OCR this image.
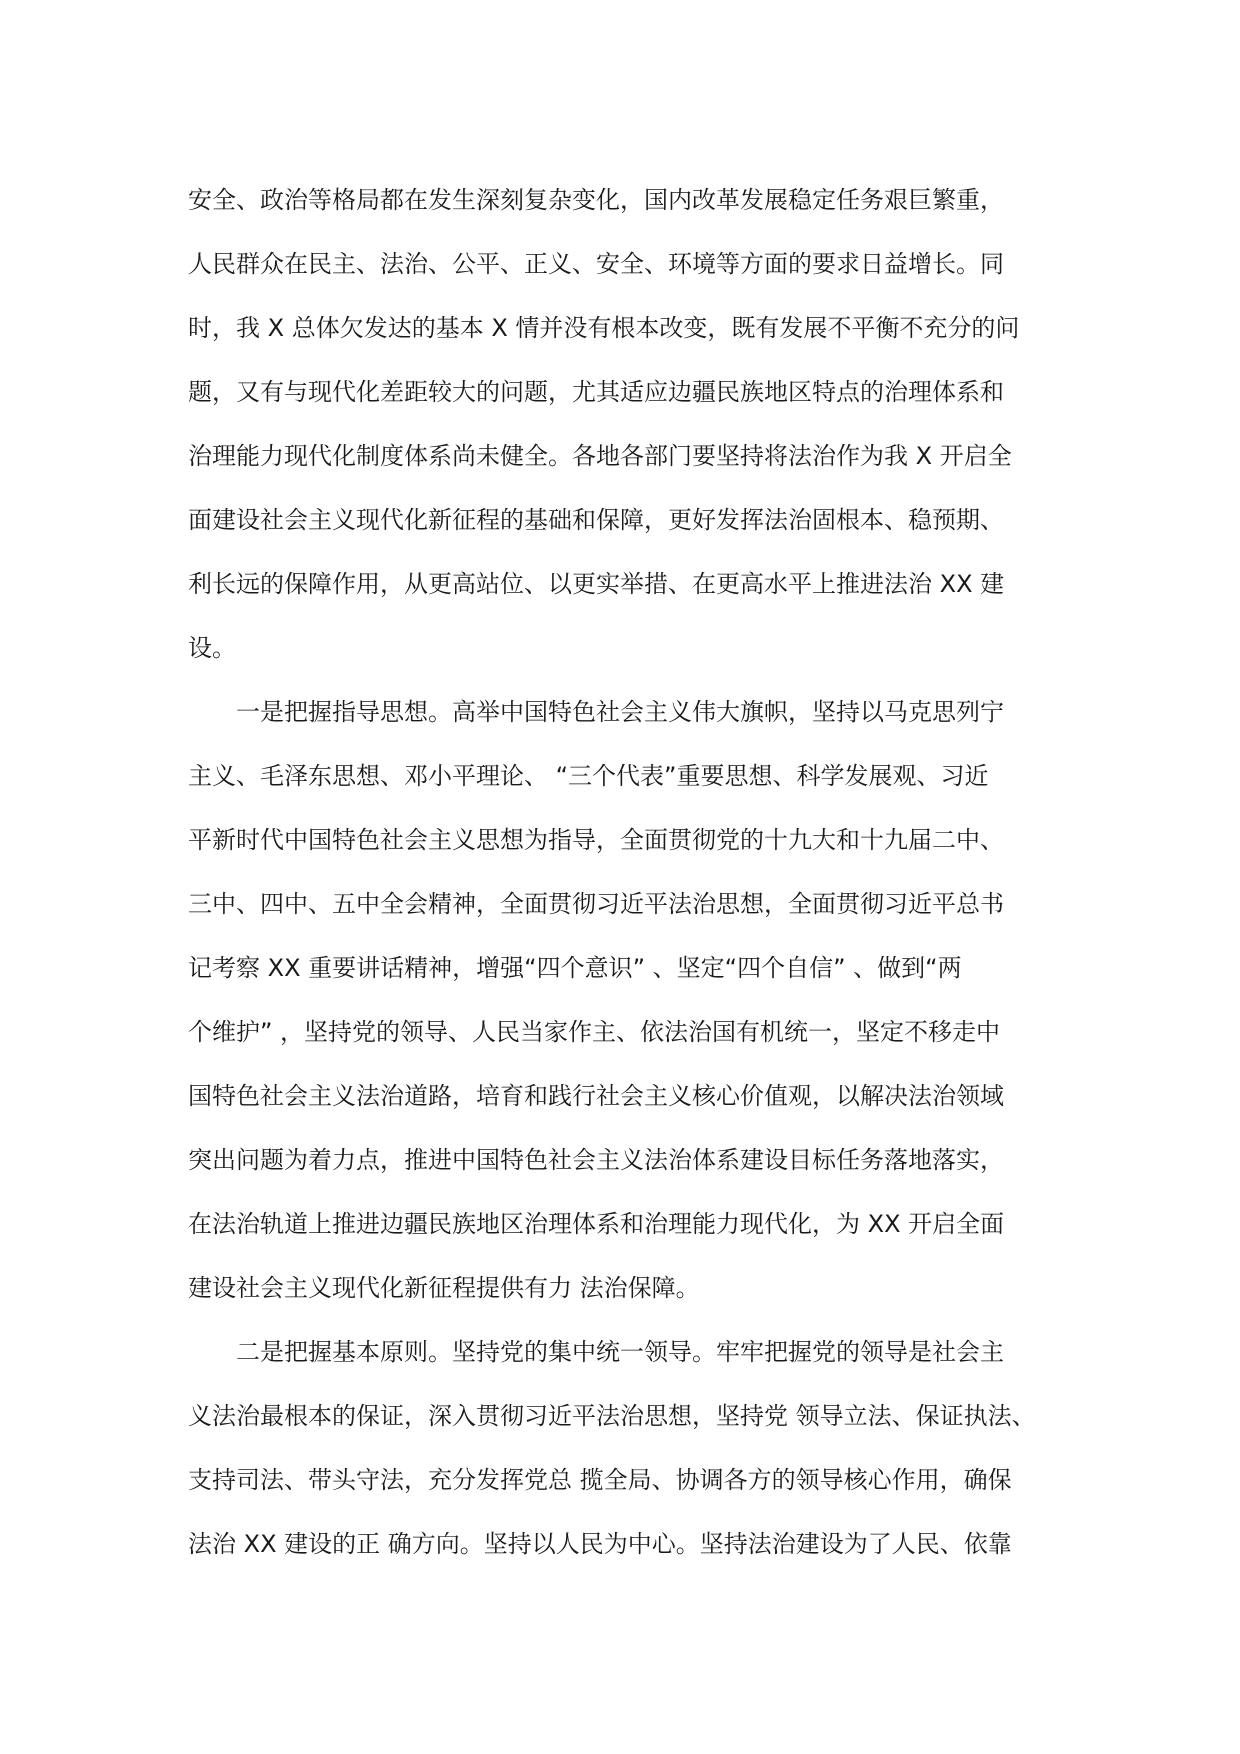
安全、政治等格局都在发生深刻复杂变化，国内改革发展稳定任务艰巨繁重，
人民群众在民主、法治、公平、正义、安全、环境等方面的要求日益增长。同
时，我 X 总体欠发达的基本 X 情并没有根本改变，既有发展不平衡不充分的问
题，又有与现代化差距较大的问题，尤其适应边疆民族地区特点的治理体系和
治理能力现代化制度体系尚未健全。各地各部门要坚持将法治作为我 X 开启全
面建设社会主义现代化新征程的基础和保障，更好发挥法治固根本、稳预期、
利长远的保障作用，从更高站位、以更实举措、在更高水平上推进法治 XX 建
设。
一是把握指导思想。高举中国特色社会主义伟大旗帜，坚持以马克思列宁
主义、毛泽东思想、邓小平理论、 “三个代表”重要思想、科学发展观、习近
平新时代中国特色社会主义思想为指导，全面贯彻党的十九大和十九届二中、
三中、四中、五中全会精神，全面贯彻习近平法治思想，全面贯彻习近平总书
记考察 XX 重要讲话精神，增强“四个意识” 、坚定“四个自信” 、做到“两
个维护” ，坚持党的领导、人民当家作主、依法治国有机统一，坚定不移走中
国特色社会主义法治道路，培育和践行社会主义核心价值观，以解决法治领域
突出问题为着力点，推进中国特色社会主义法治体系建设目标任务落地落实，
在法治轨道上推进边疆民族地区治理体系和治理能力现代化，为 XX 开启全面
建设社会主义现代化新征程提供有力 法治保障。
二是把握基本原则。坚持党的集中统一领导。牢牢把握党的领导是社会主
义法治最根本的保证，深入贯彻习近平法治思想，坚持党 领导立法、保证执法、
支持司法、带头守法，充分发挥党总 揽全局、协调各方的领导核心作用，确保
法治 XX 建设的正 确方向。坚持以人民为中心。坚持法治建设为了人民、依靠
